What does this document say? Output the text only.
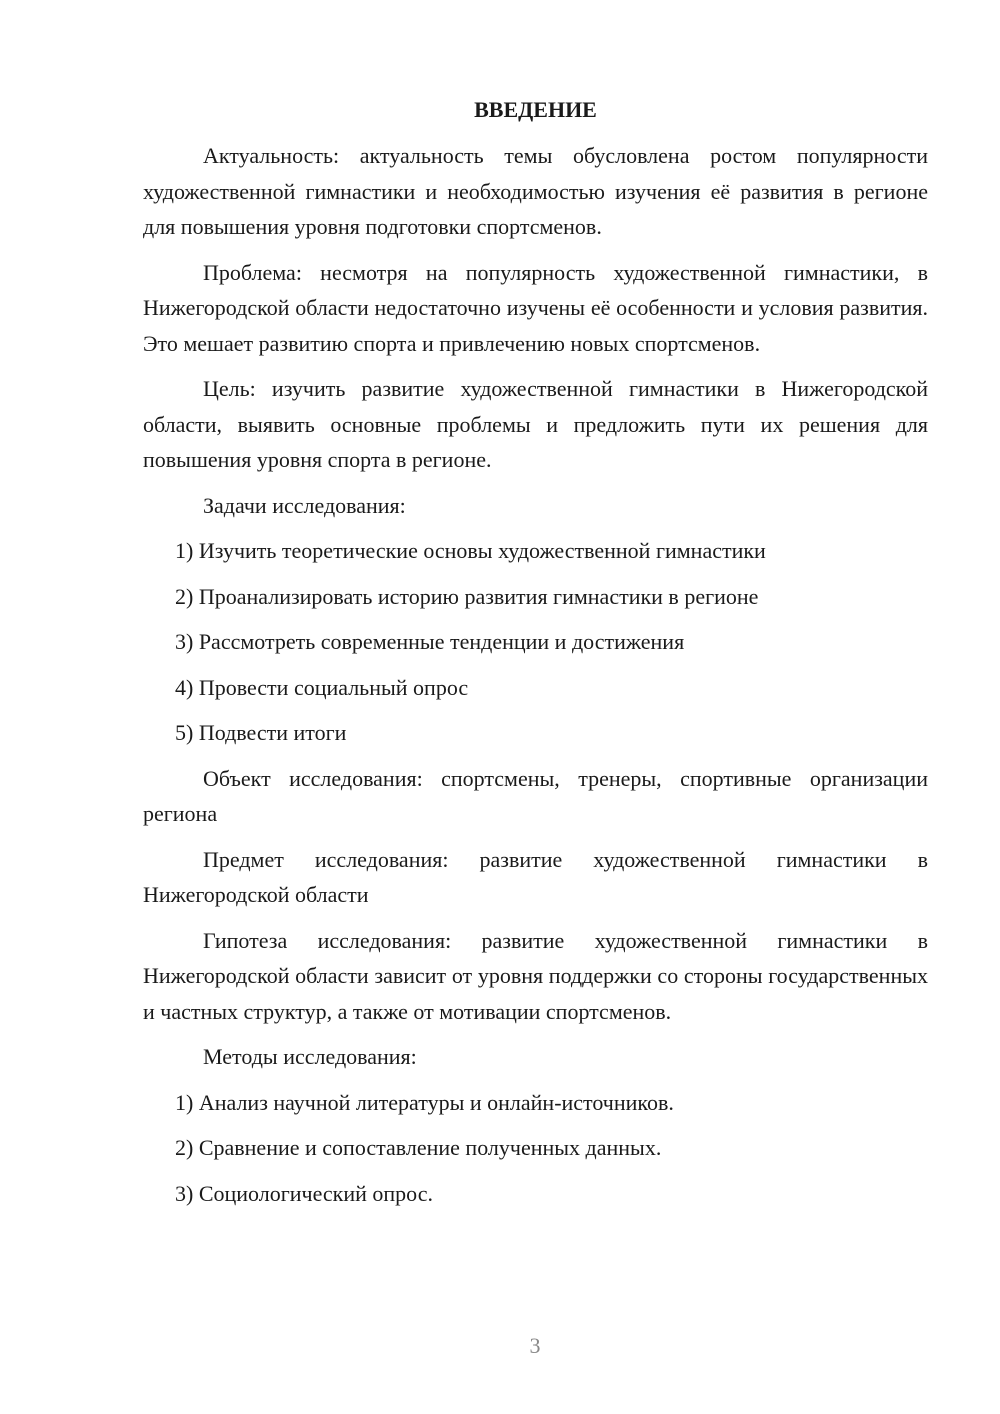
ВВЕДЕНИЕ

Актуальность: актуальность темы обусловлена ростом популярности художественной гимнастики и необходимостью изучения её развития в регионе для повышения уровня подготовки спортсменов.

Проблема: несмотря на популярность художественной гимнастики, в Нижегородской области недостаточно изучены её особенности и условия развития. Это мешает развитию спорта и привлечению новых спортсменов.

Цель: изучить развитие художественной гимнастики в Нижегородской области, выявить основные проблемы и предложить пути их решения для повышения уровня спорта в регионе.

Задачи исследования:

1) Изучить теоретические основы художественной гимнастики
2) Проанализировать историю развития гимнастики в регионе
3) Рассмотреть современные тенденции и достижения
4) Провести социальный опрос
5) Подвести итоги

Объект исследования: спортсмены, тренеры, спортивные организации региона

Предмет исследования: развитие художественной гимнастики в Нижегородской области

Гипотеза исследования: развитие художественной гимнастики в Нижегородской области зависит от уровня поддержки со стороны государственных и частных структур, а также от мотивации спортсменов.

Методы исследования:

1) Анализ научной литературы и онлайн-источников.
2) Сравнение и сопоставление полученных данных.
3) Социологический опрос.
3
